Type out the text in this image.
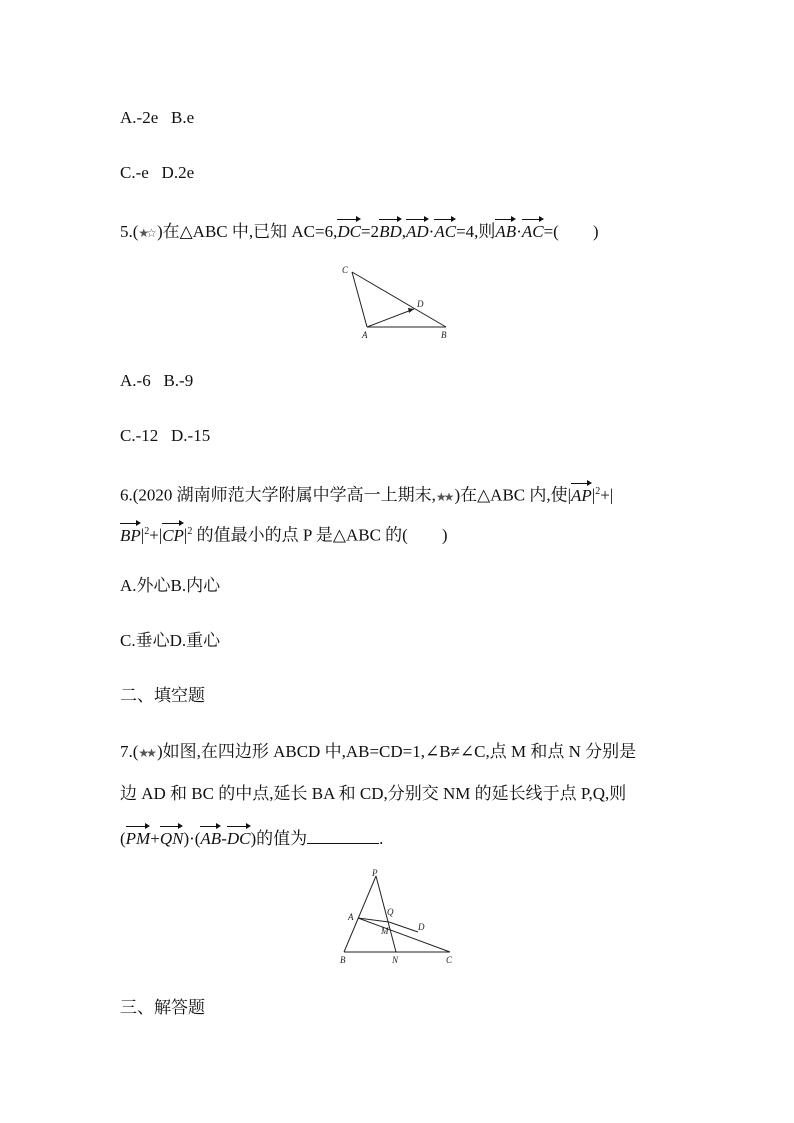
A.-2e B.e
C.-e D.2e
5.(★☆ )在△ABC 中,已知 AC=6,DC=2BD,AD·AC=4,则AB·AC=(　　)
C
D
A	B
A.-6 B.-9
C.-12 D.-15
6.(2020 湖南师范大学附属中学高一上期末,★★ )在△ABC 内,使$|AP|^2+|$
$BP|^2+|CP|^2$ 的值最小的点 P 是△ABC 的(　　)
A.外心B.内心
C.垂心D.重心
二、填空题
7.(★★ )如图,在四边形 ABCD 中,AB=CD=1,∠B≠∠C,点 M 和点 N 分别是
边 AD 和 BC 的中点,延长 BA 和 CD,分别交 NM 的延长线于点 P,Q,则
(PM+QN)·(AB-DC)的值为	.
P
A	Q
M	D
B	N	C
三、解答题
